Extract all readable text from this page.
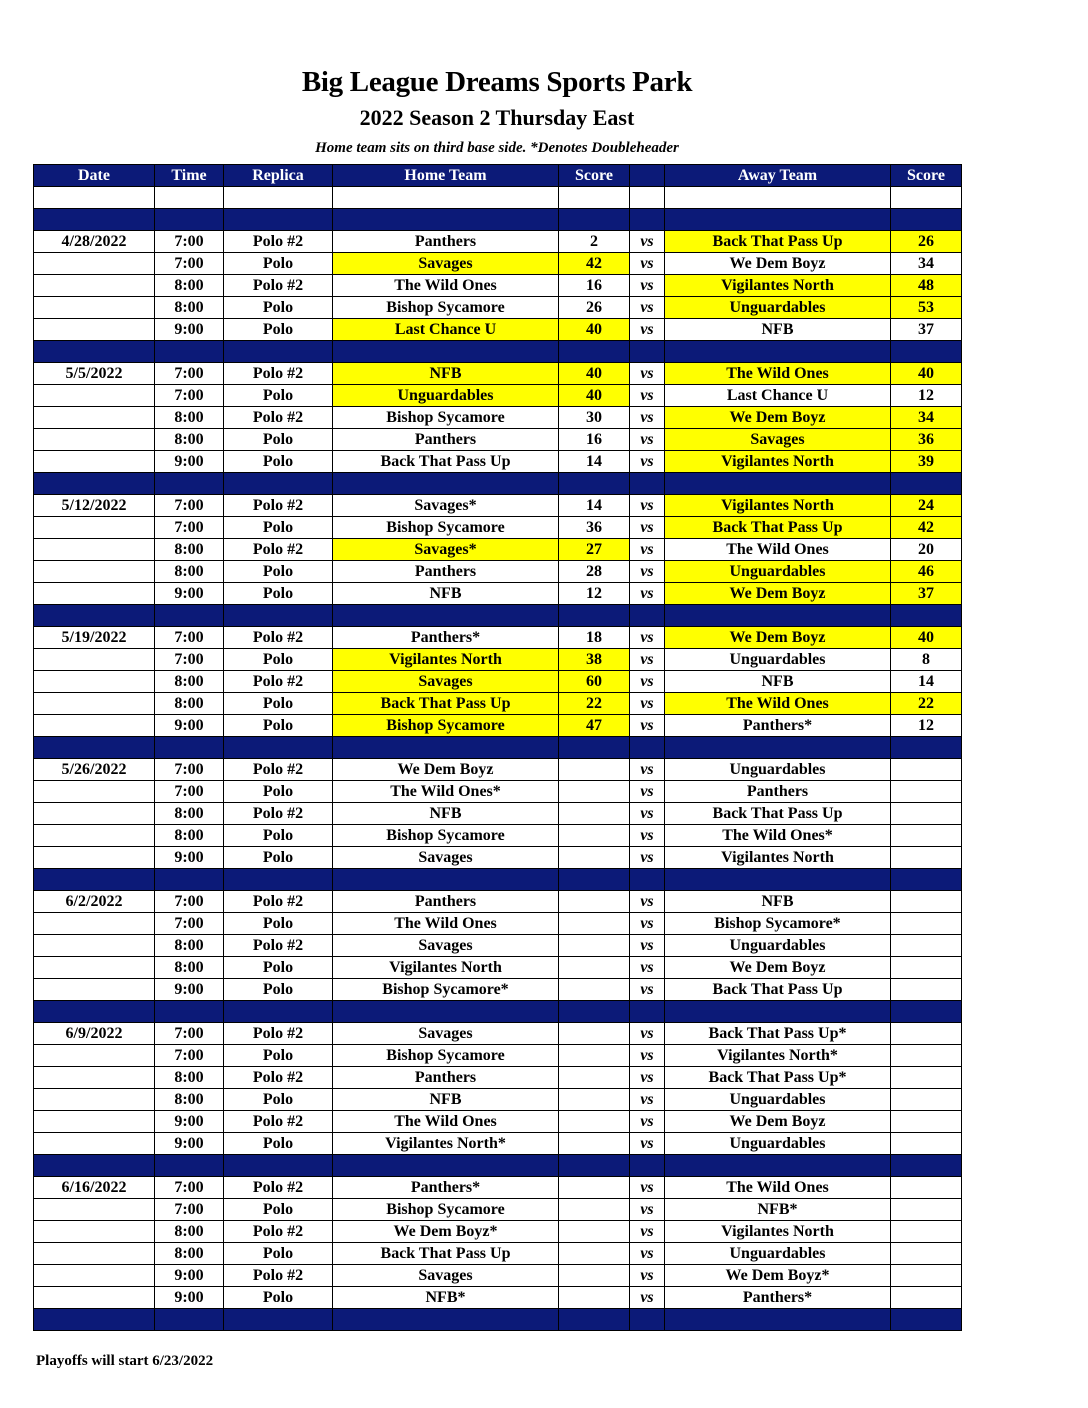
Big League Dreams Sports Park
2022 Season 2 Thursday East
Home team sits on third base side. *Denotes Doubleheader
Date	Time	Replica	Home Team	Score		Away Team	Score

4/28/2022	7:00	Polo #2	Panthers	2	vs	Back That Pass Up	26
	7:00	Polo	Savages	42	vs	We Dem Boyz	34
	8:00	Polo #2	The Wild Ones	16	vs	Vigilantes North	48
	8:00	Polo	Bishop Sycamore	26	vs	Unguardables	53
	9:00	Polo	Last Chance U	40	vs	NFB	37

5/5/2022	7:00	Polo #2	NFB	40	vs	The Wild Ones	40
	7:00	Polo	Unguardables	40	vs	Last Chance U	12
	8:00	Polo #2	Bishop Sycamore	30	vs	We Dem Boyz	34
	8:00	Polo	Panthers	16	vs	Savages	36
	9:00	Polo	Back That Pass Up	14	vs	Vigilantes North	39

5/12/2022	7:00	Polo #2	Savages*	14	vs	Vigilantes North	24
	7:00	Polo	Bishop Sycamore	36	vs	Back That Pass Up	42
	8:00	Polo #2	Savages*	27	vs	The Wild Ones	20
	8:00	Polo	Panthers	28	vs	Unguardables	46
	9:00	Polo	NFB	12	vs	We Dem Boyz	37

5/19/2022	7:00	Polo #2	Panthers*	18	vs	We Dem Boyz	40
	7:00	Polo	Vigilantes North	38	vs	Unguardables	8
	8:00	Polo #2	Savages	60	vs	NFB	14
	8:00	Polo	Back That Pass Up	22	vs	The Wild Ones	22
	9:00	Polo	Bishop Sycamore	47	vs	Panthers*	12

5/26/2022	7:00	Polo #2	We Dem Boyz		vs	Unguardables	
	7:00	Polo	The Wild Ones*		vs	Panthers	
	8:00	Polo #2	NFB		vs	Back That Pass Up	
	8:00	Polo	Bishop Sycamore		vs	The Wild Ones*	
	9:00	Polo	Savages		vs	Vigilantes North	

6/2/2022	7:00	Polo #2	Panthers		vs	NFB	
	7:00	Polo	The Wild Ones		vs	Bishop Sycamore*	
	8:00	Polo #2	Savages		vs	Unguardables	
	8:00	Polo	Vigilantes North		vs	We Dem Boyz	
	9:00	Polo	Bishop Sycamore*		vs	Back That Pass Up	

6/9/2022	7:00	Polo #2	Savages		vs	Back That Pass Up*	
	7:00	Polo	Bishop Sycamore		vs	Vigilantes North*	
	8:00	Polo #2	Panthers		vs	Back That Pass Up*	
	8:00	Polo	NFB		vs	Unguardables	
	9:00	Polo #2	The Wild Ones		vs	We Dem Boyz	
	9:00	Polo	Vigilantes North*		vs	Unguardables	

6/16/2022	7:00	Polo #2	Panthers*		vs	The Wild Ones	
	7:00	Polo	Bishop Sycamore		vs	NFB*	
	8:00	Polo #2	We Dem Boyz*		vs	Vigilantes North	
	8:00	Polo	Back That Pass Up		vs	Unguardables	
	9:00	Polo #2	Savages		vs	We Dem Boyz*	
	9:00	Polo	NFB*		vs	Panthers*	

Playoffs will start 6/23/2022
